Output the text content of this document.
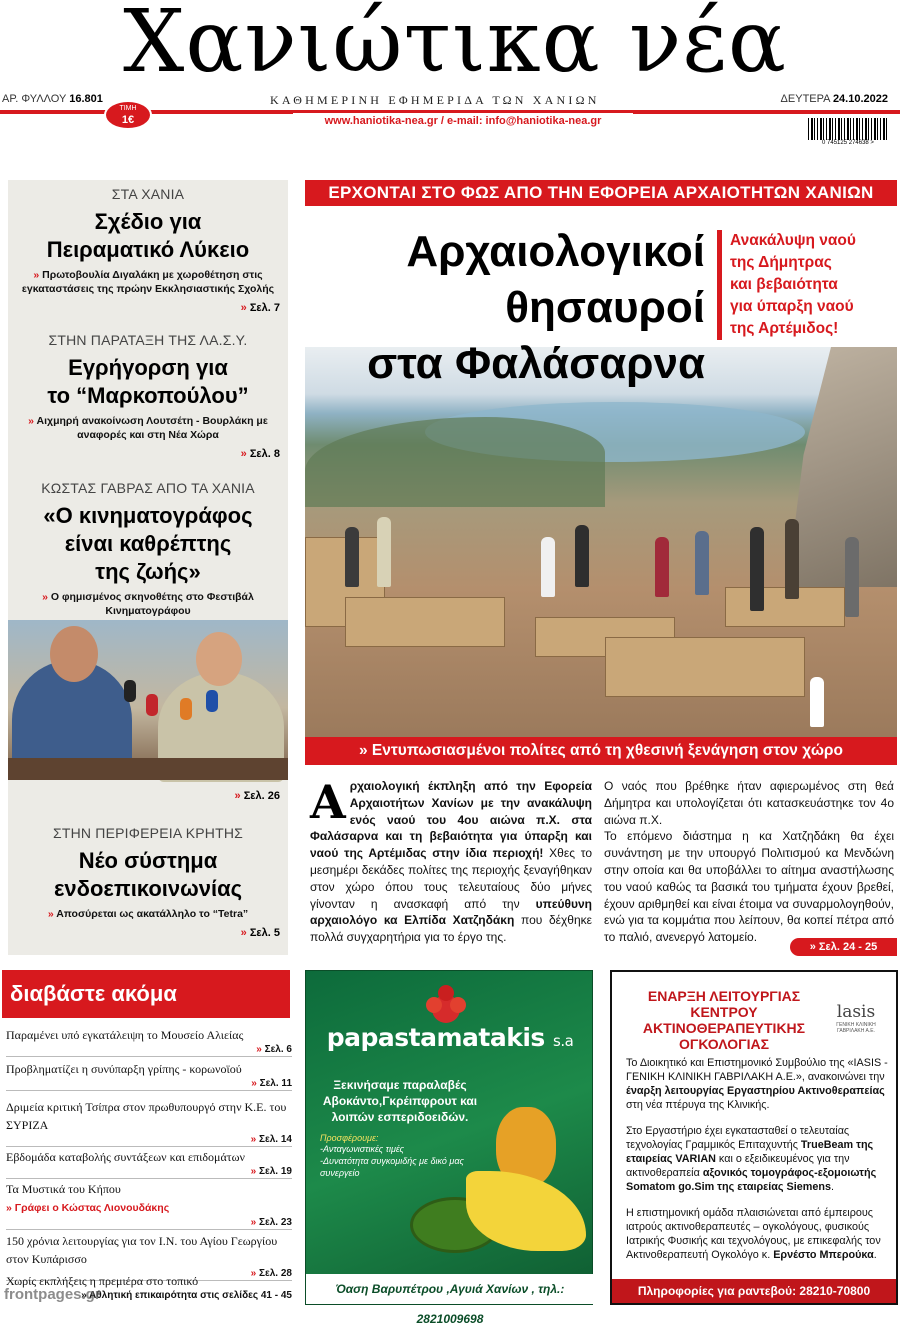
Χανιώτικα νέα
ΑΡ. ΦΥΛΛΟΥ 16.801	ΚΑΘΗΜΕΡΙΝΗ ΕΦΗΜΕΡΙΔΑ ΤΩΝ ΧΑΝΙΩΝ	ΔΕΥΤΕΡΑ 24.10.2022
www.haniotika-nea.gr / e-mail: info@haniotika-nea.gr
ΤΙΜΗ
1€
0 745125 274638 >
ΣΤΑ ΧΑΝΙΑ
Σχέδιο για
Πειραματικό Λύκειο
» Πρωτοβουλία Διγαλάκη με χωροθέτηση στις εγκαταστάσεις της πρώην Εκκλησιαστικής Σχολής
» Σελ. 7
ΣΤΗΝ ΠΑΡΑΤΑΞΗ ΤΗΣ ΛΑ.Σ.Υ.
Εγρήγορση για
το “Μαρκοπούλου”
» Αιχμηρή ανακοίνωση Λουτσέτη - Βουρλάκη με αναφορές και στη Νέα Χώρα
» Σελ. 8
ΚΩΣΤΑΣ ΓΑΒΡΑΣ ΑΠΟ ΤΑ ΧΑΝΙΑ
«Ο κινηματογράφος
είναι καθρέπτης
της ζωής»
» Ο φημισμένος σκηνοθέτης στο Φεστιβάλ Κινηματογράφου
» Σελ. 26
ΣΤΗΝ ΠΕΡΙΦΕΡΕΙΑ ΚΡΗΤΗΣ
Νέο σύστημα
ενδοεπικοινωνίας
» Αποσύρεται ως ακατάλληλο το “Tetra”
» Σελ. 5
ΕΡΧΟΝΤΑΙ ΣΤΟ ΦΩΣ ΑΠΟ ΤΗΝ ΕΦΟΡΕΙΑ ΑΡΧΑΙΟΤΗΤΩΝ ΧΑΝΙΩΝ
Αρχαιολογικοί
θησαυροί
στα Φαλάσαρνα
Ανακάλυψη ναού
της Δήμητρας
και βεβαιότητα
για ύπαρξη ναού
της Αρτέμιδος!
» Εντυπωσιασμένοι πολίτες από τη χθεσινή ξενάγηση στον χώρο
Αρχαιολογική έκπληξη από την Εφορεία Αρχαιοτήτων Χανίων με την ανακάλυψη ενός ναού του 4ου αιώνα π.Χ. στα Φαλάσαρνα και τη βεβαιότητα για ύπαρξη και ναού της Αρτέμιδας στην ίδια περιοχή! Χθες το μεσημέρι δεκάδες πολίτες της περιοχής ξεναγήθηκαν στον χώρο όπου τους τελευταίους δύο μήνες γίνονταν η ανασκαφή από την υπεύθυνη αρχαιολόγο κα Ελπίδα Χατζηδάκη που δέχθηκε πολλά συγχαρητήρια για το έργο της.

Ο ναός που βρέθηκε ήταν αφιερωμένος στη θεά Δήμητρα και υπολογίζεται ότι κατασκευάστηκε τον 4ο αιώνα π.Χ.

Το επόμενο διάστημα η κα Χατζηδάκη θα έχει συνάντηση με την υπουργό Πολιτισμού κα Μενδώνη στην οποία και θα υποβάλλει το αίτημα αναστήλωσης του ναού καθώς τα βασικά του τμήματα έχουν βρεθεί, έχουν αριθμηθεί και είναι έτοιμα να συναρμολογηθούν, ενώ για τα κομμάτια που λείπουν, θα κοπεί πέτρα από το παλιό, ανενεργό λατομείο.

» Σελ. 24 - 25
διαβάστε ακόμα
Παραμένει υπό εγκατάλειψη το Μουσείο Αλιείας
» Σελ. 6
Προβληματίζει η συνύπαρξη γρίπης - κορωνοϊού
» Σελ. 11
Δριμεία κριτική Τσίπρα στον πρωθυπουργό στην Κ.Ε. του ΣΥΡΙΖΑ
» Σελ. 14
Εβδομάδα καταβολής συντάξεων και επιδομάτων
» Σελ. 19
Τα Μυστικά του Κήπου
» Γράφει ο Κώστας Λιονουδάκης
» Σελ. 23
150 χρόνια λειτουργίας για τον Ι.Ν. του Αγίου Γεωργίου στον Κυπάρισσο
» Σελ. 28
Χωρίς εκπλήξεις η πρεμιέρα στο τοπικό
» Αθλητική επικαιρότητα στις σελίδες 41 - 45
papastamatakis s.a
Ξεκινήσαμε παραλαβές Αβοκάντο,Γκρέιπφρουτ και λοιπών εσπεριδοειδών.
Προσφέρουμε:
-Ανταγωνιστικές τιμές
-Δυνατότητα συγκομιδής με δικό μας συνεργείο
Όαση Βαρυπέτρου ,Αγυιά Χανίων , τηλ.: 2821009698
ΕΝΑΡΞΗ ΛΕΙΤΟΥΡΓΙΑΣ ΚΕΝΤΡΟΥ ΑΚΤΙΝΟΘΕΡΑΠΕΥΤΙΚΗΣ ΟΓΚΟΛΟΓΙΑΣ
lasis
ΓΕΝΙΚΗ ΚΛΙΝΙΚΗ ΓΑΒΡΙΛΑΚΗ Α.Ε.

Το Διοικητικό και Επιστημονικό Συμβούλιο της «IASIS - ΓΕΝΙΚΗ ΚΛΙΝΙΚΗ ΓΑΒΡΙΛΑΚΗ Α.Ε.», ανακοινώνει την έναρξη λειτουργίας Εργαστηρίου Ακτινοθεραπείας στη νέα πτέρυγα της Κλινικής.

Στο Εργαστήριο έχει εγκατασταθεί ο τελευταίας τεχνολογίας Γραμμικός Επιταχυντής TrueBeam της εταιρείας VARIAN και ο εξειδικευμένος για την ακτινοθεραπεία αξονικός τομογράφος-εξομοιωτής Somatom go.Sim της εταιρείας Siemens.

Η επιστημονική ομάδα πλαισιώνεται από έμπειρους ιατρούς ακτινοθεραπευτές – ογκολόγους, φυσικούς Ιατρικής Φυσικής και τεχνολόγους, με επικεφαλής τον Ακτινοθεραπευτή Ογκολόγο κ. Ερνέστο Μπερούκα.

Πληροφορίες για ραντεβού: 28210-70800
frontpages.gr
